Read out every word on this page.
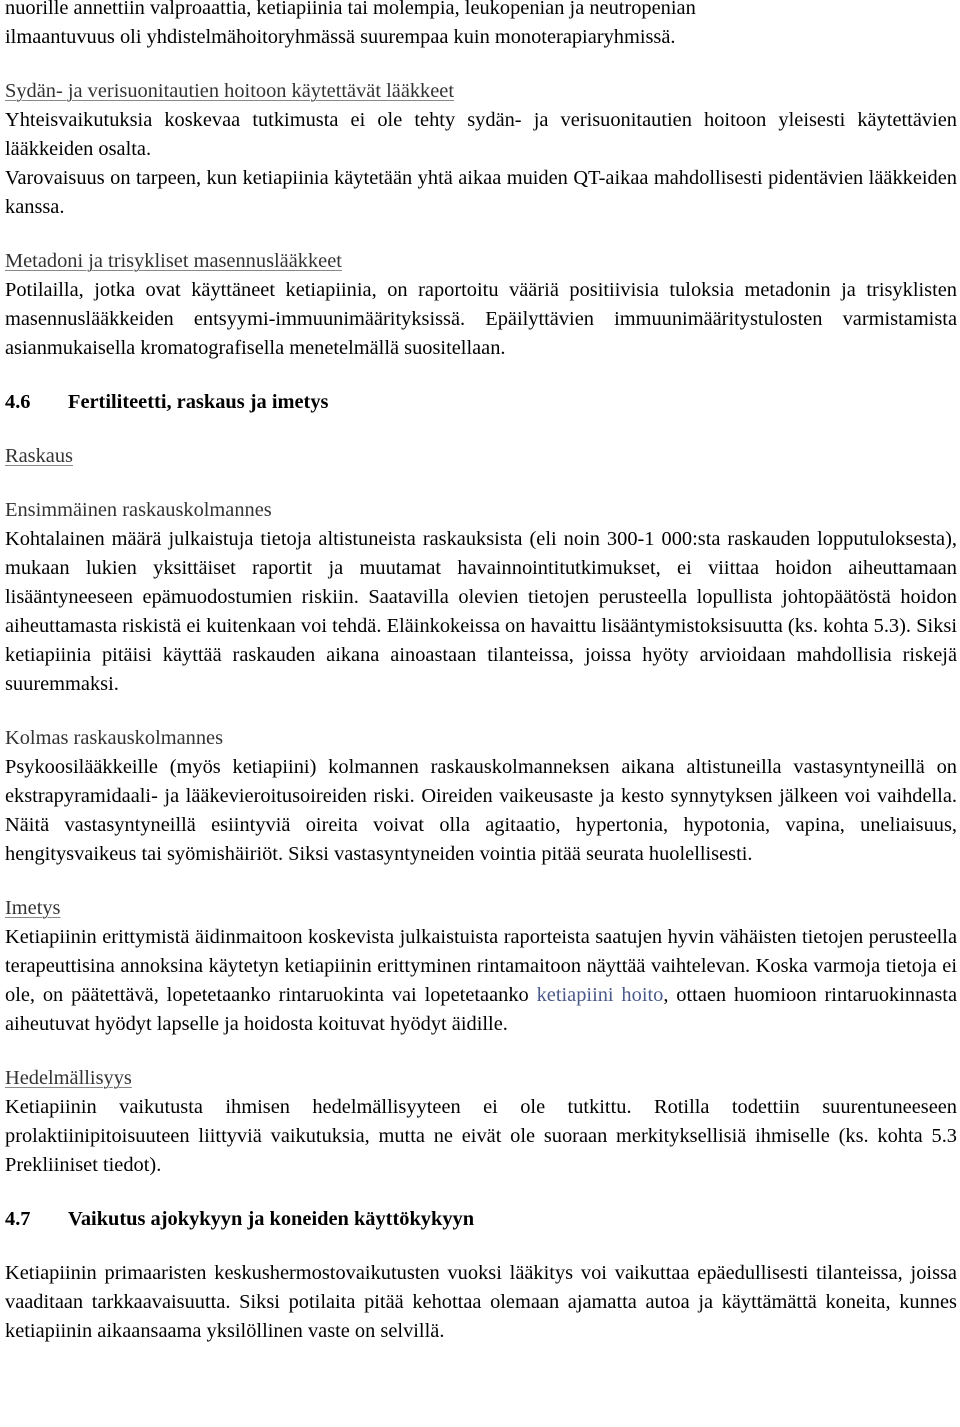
nuorille annettiin valproaattia, ketiapiinia tai molempia, leukopenian ja neutropenian
ilmaantuvuus oli yhdistelmähoitoryhmässä suurempaa kuin monoterapiaryhmissä.

Sydän- ja verisuonitautien hoitoon käytettävät lääkkeet

Yhteisvaikutuksia koskevaa tutkimusta ei ole tehty sydän- ja verisuonitautien hoitoon yleisesti käytettävien lääkkeiden osalta.

Varovaisuus on tarpeen, kun ketiapiinia käytetään yhtä aikaa muiden QT-aikaa mahdollisesti pidentävien lääkkeiden kanssa.

Metadoni ja trisykliset masennuslääkkeet

Potilailla, jotka ovat käyttäneet ketiapiinia, on raportoitu vääriä positiivisia tuloksia metadonin ja trisyklisten masennuslääkkeiden entsyymi-immuunimäärityksissä. Epäilyttävien immuunimääritystulosten varmistamista asianmukaisella kromatografisella menetelmällä suositellaan.

4.6 Fertiliteetti, raskaus ja imetys

Raskaus

Ensimmäinen raskauskolmannes

Kohtalainen määrä julkaistuja tietoja altistuneista raskauksista (eli noin 300-1 000:sta raskauden lopputuloksesta), mukaan lukien yksittäiset raportit ja muutamat havainnointitutkimukset, ei viittaa hoidon aiheuttamaan lisääntyneeseen epämuodostumien riskiin. Saatavilla olevien tietojen perusteella lopullista johtopäätöstä hoidon aiheuttamasta riskistä ei kuitenkaan voi tehdä. Eläinkokeissa on havaittu lisääntymistoksisuutta (ks. kohta 5.3). Siksi ketiapiinia pitäisi käyttää raskauden aikana ainoastaan tilanteissa, joissa hyöty arvioidaan mahdollisia riskejä suuremmaksi.

Kolmas raskauskolmannes

Psykoosilääkkeille (myös ketiapiini) kolmannen raskauskolmanneksen aikana altistuneilla vastasyntyneillä on ekstrapyramidaali- ja lääkevieroitusoireiden riski. Oireiden vaikeusaste ja kesto synnytyksen jälkeen voi vaihdella. Näitä vastasyntyneillä esiintyviä oireita voivat olla agitaatio, hypertonia, hypotonia, vapina, uneliaisuus, hengitysvaikeus tai syömishäiriöt. Siksi vastasyntyneiden vointia pitää seurata huolellisesti.

Imetys

Ketiapiinin erittymistä äidinmaitoon koskevista julkaistuista raporteista saatujen hyvin vähäisten tietojen perusteella terapeuttisina annoksina käytetyn ketiapiinin erittyminen rintamaitoon näyttää vaihtelevan. Koska varmoja tietoja ei ole, on päätettävä, lopetetaanko rintaruokinta vai lopetetaanko ketiapiini hoito, ottaen huomioon rintaruokinnasta aiheutuvat hyödyt lapselle ja hoidosta koituvat hyödyt äidille.

Hedelmällisyys

Ketiapiinin vaikutusta ihmisen hedelmällisyyteen ei ole tutkittu. Rotilla todettiin suurentuneeseen prolaktiinipitoisuuteen liittyviä vaikutuksia, mutta ne eivät ole suoraan merkityksellisiä ihmiselle (ks. kohta 5.3 Prekliiniset tiedot).

4.7 Vaikutus ajokykyyn ja koneiden käyttökykyyn

Ketiapiinin primaaristen keskushermostovaikutusten vuoksi lääkitys voi vaikuttaa epäedullisesti tilanteissa, joissa vaaditaan tarkkaavaisuutta. Siksi potilaita pitää kehottaa olemaan ajamatta autoa ja käyttämättä koneita, kunnes ketiapiinin aikaansaama yksilöllinen vaste on selvillä.
